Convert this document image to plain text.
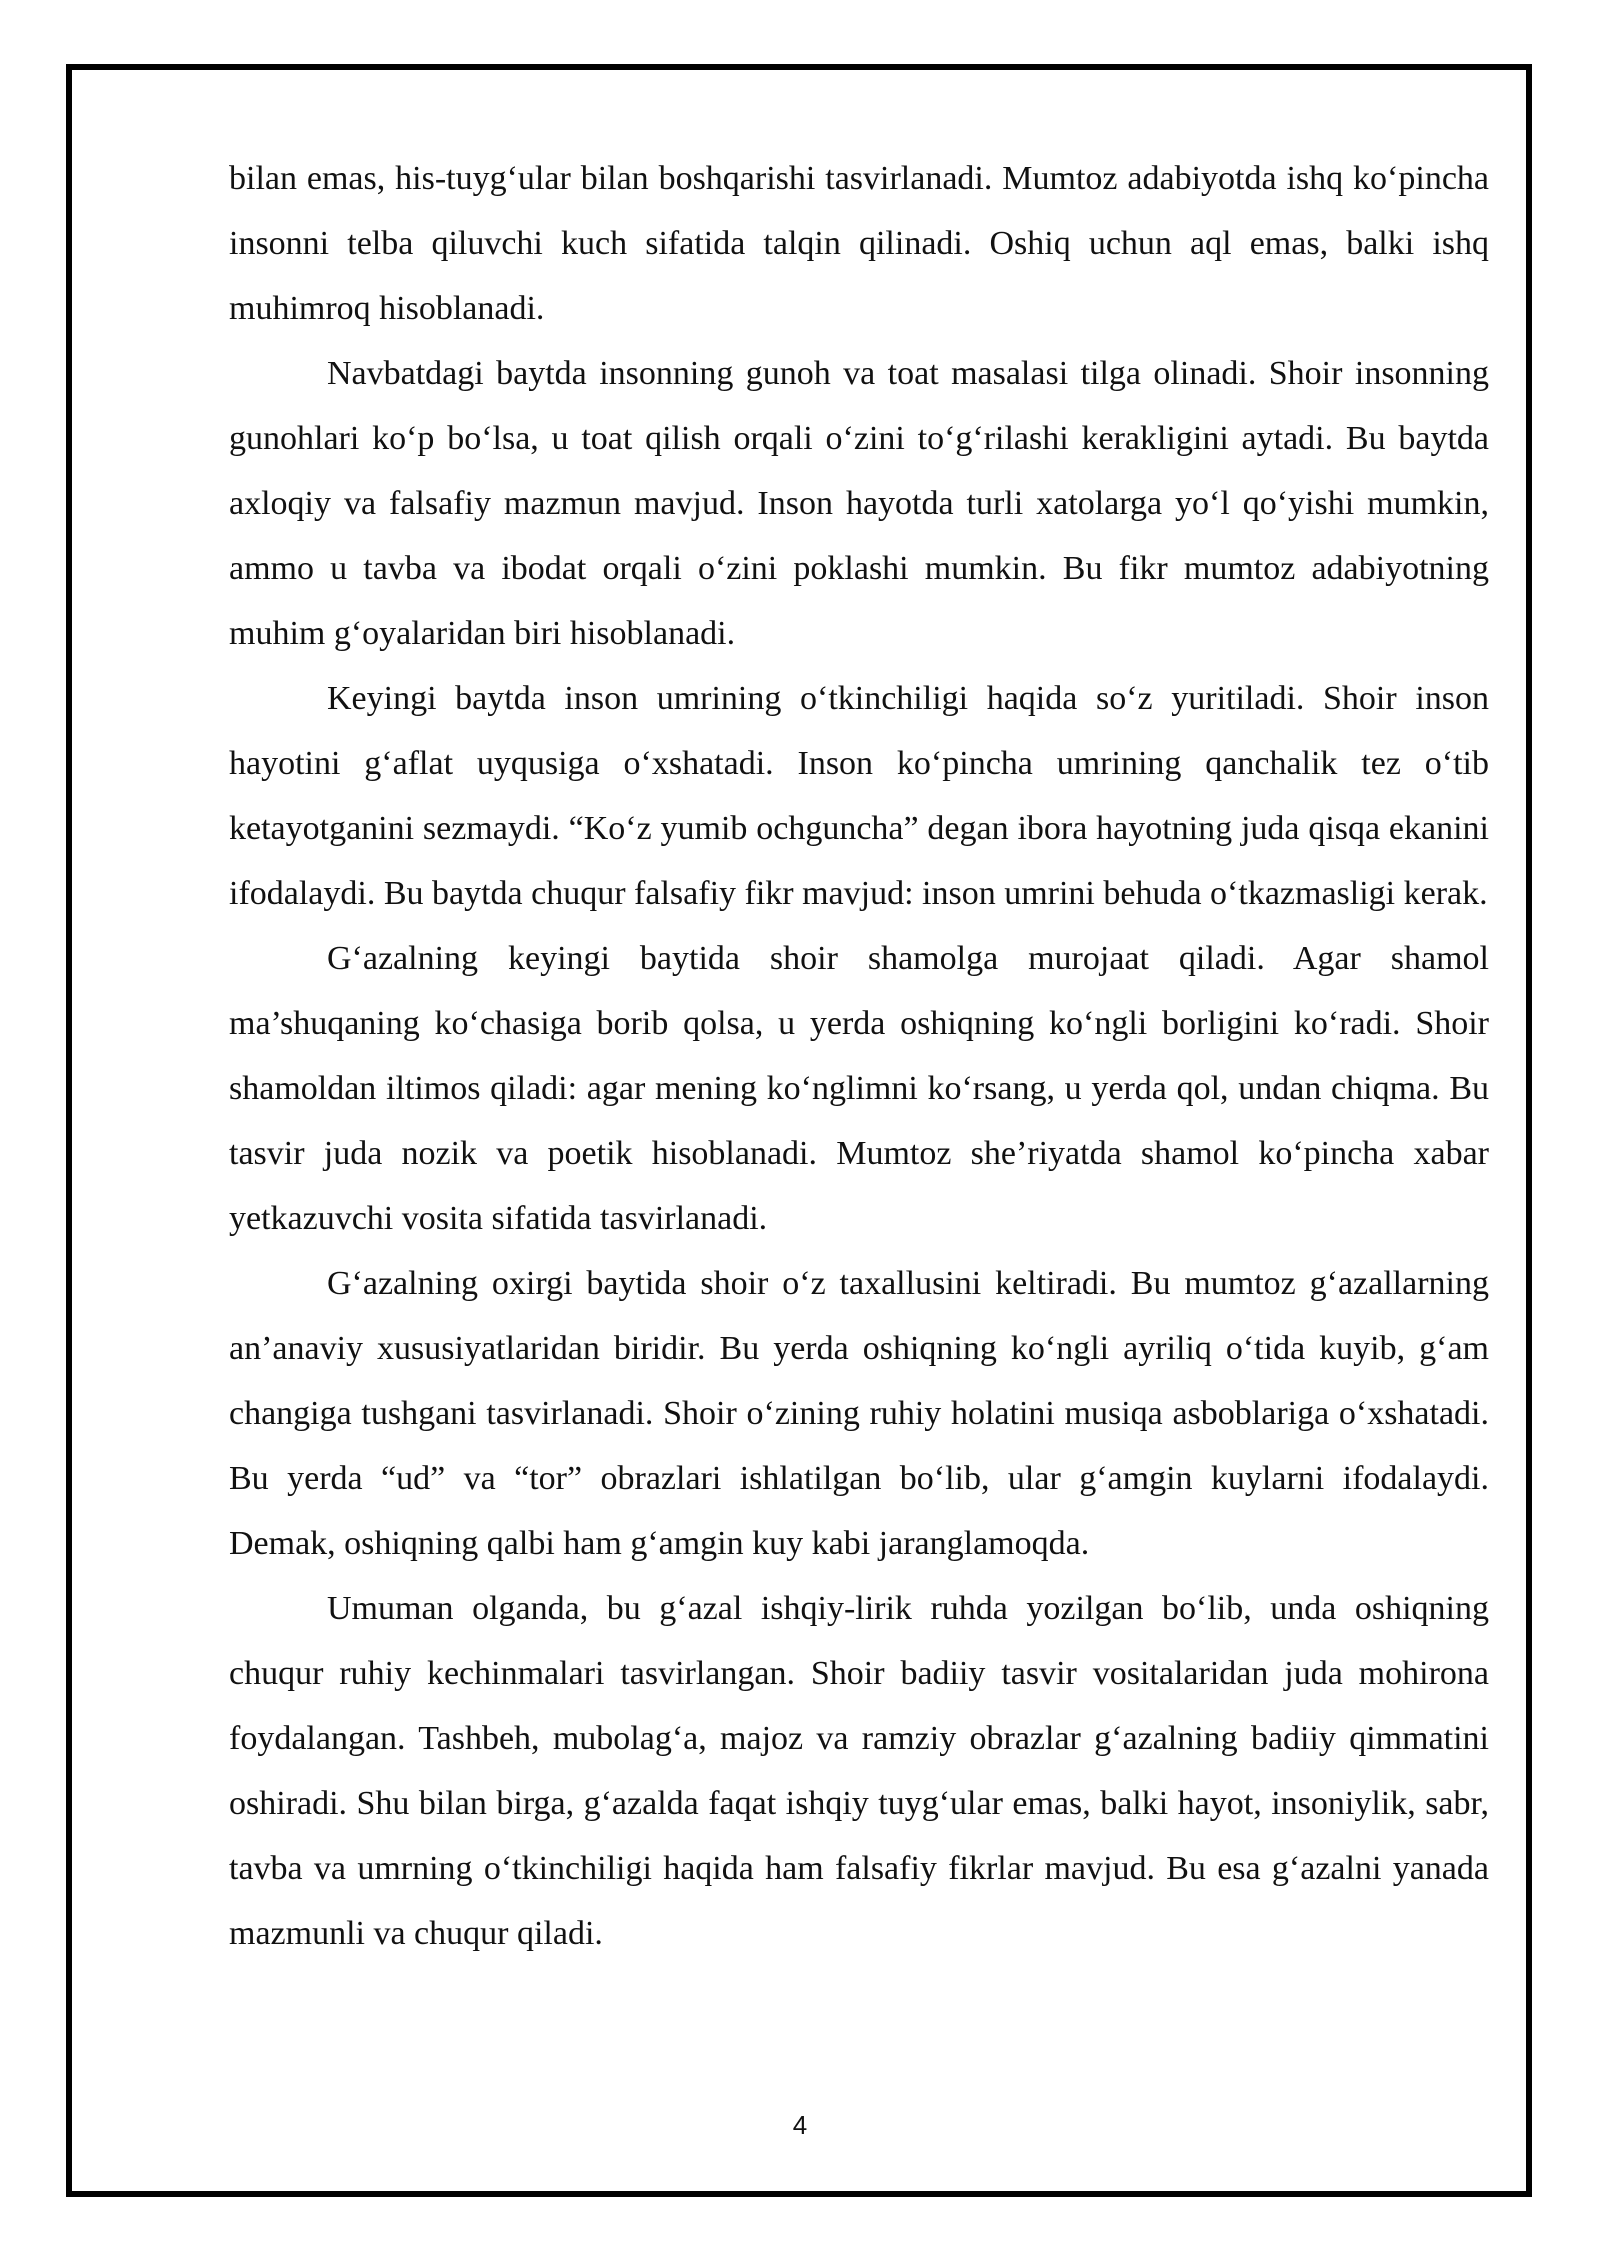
bilan emas, his-tuyg‘ular bilan boshqarishi tasvirlanadi. Mumtoz adabiyotda ishq ko‘pincha insonni telba qiluvchi kuch sifatida talqin qilinadi. Oshiq uchun aql emas, balki ishq muhimroq hisoblanadi.

Navbatdagi baytda insonning gunoh va toat masalasi tilga olinadi. Shoir insonning gunohlari ko‘p bo‘lsa, u toat qilish orqali o‘zini to‘g‘rilashi kerakligini aytadi. Bu baytda axloqiy va falsafiy mazmun mavjud. Inson hayotda turli xatolarga yo‘l qo‘yishi mumkin, ammo u tavba va ibodat orqali o‘zini poklashi mumkin. Bu fikr mumtoz adabiyotning muhim g‘oyalaridan biri hisoblanadi.

Keyingi baytda inson umrining o‘tkinchiligi haqida so‘z yuritiladi. Shoir inson hayotini g‘aflat uyqusiga o‘xshatadi. Inson ko‘pincha umrining qanchalik tez o‘tib ketayotganini sezmaydi. “Ko‘z yumib ochguncha” degan ibora hayotning juda qisqa ekanini ifodalaydi. Bu baytda chuqur falsafiy fikr mavjud: inson umrini behuda o‘tkazmasligi kerak.

G‘azalning keyingi baytida shoir shamolga murojaat qiladi. Agar shamol ma’shuqaning ko‘chasiga borib qolsa, u yerda oshiqning ko‘ngli borligini ko‘radi. Shoir shamoldan iltimos qiladi: agar mening ko‘nglimni ko‘rsang, u yerda qol, undan chiqma. Bu tasvir juda nozik va poetik hisoblanadi. Mumtoz she’riyatda shamol ko‘pincha xabar yetkazuvchi vosita sifatida tasvirlanadi.

G‘azalning oxirgi baytida shoir o‘z taxallusini keltiradi. Bu mumtoz g‘azallarning an’anaviy xususiyatlaridan biridir. Bu yerda oshiqning ko‘ngli ayriliq o‘tida kuyib, g‘am changiga tushgani tasvirlanadi. Shoir o‘zining ruhiy holatini musiqa asboblariga o‘xshatadi. Bu yerda “ud” va “tor” obrazlari ishlatilgan bo‘lib, ular g‘amgin kuylarni ifodalaydi. Demak, oshiqning qalbi ham g‘amgin kuy kabi jaranglamoqda.

Umuman olganda, bu g‘azal ishqiy-lirik ruhda yozilgan bo‘lib, unda oshiqning chuqur ruhiy kechinmalari tasvirlangan. Shoir badiiy tasvir vositalaridan juda mohirona foydalangan. Tashbeh, mubolag‘a, majoz va ramziy obrazlar g‘azalning badiiy qimmatini oshiradi. Shu bilan birga, g‘azalda faqat ishqiy tuyg‘ular emas, balki hayot, insoniylik, sabr, tavba va umrning o‘tkinchiligi haqida ham falsafiy fikrlar mavjud. Bu esa g‘azalni yanada mazmunli va chuqur qiladi.

4
